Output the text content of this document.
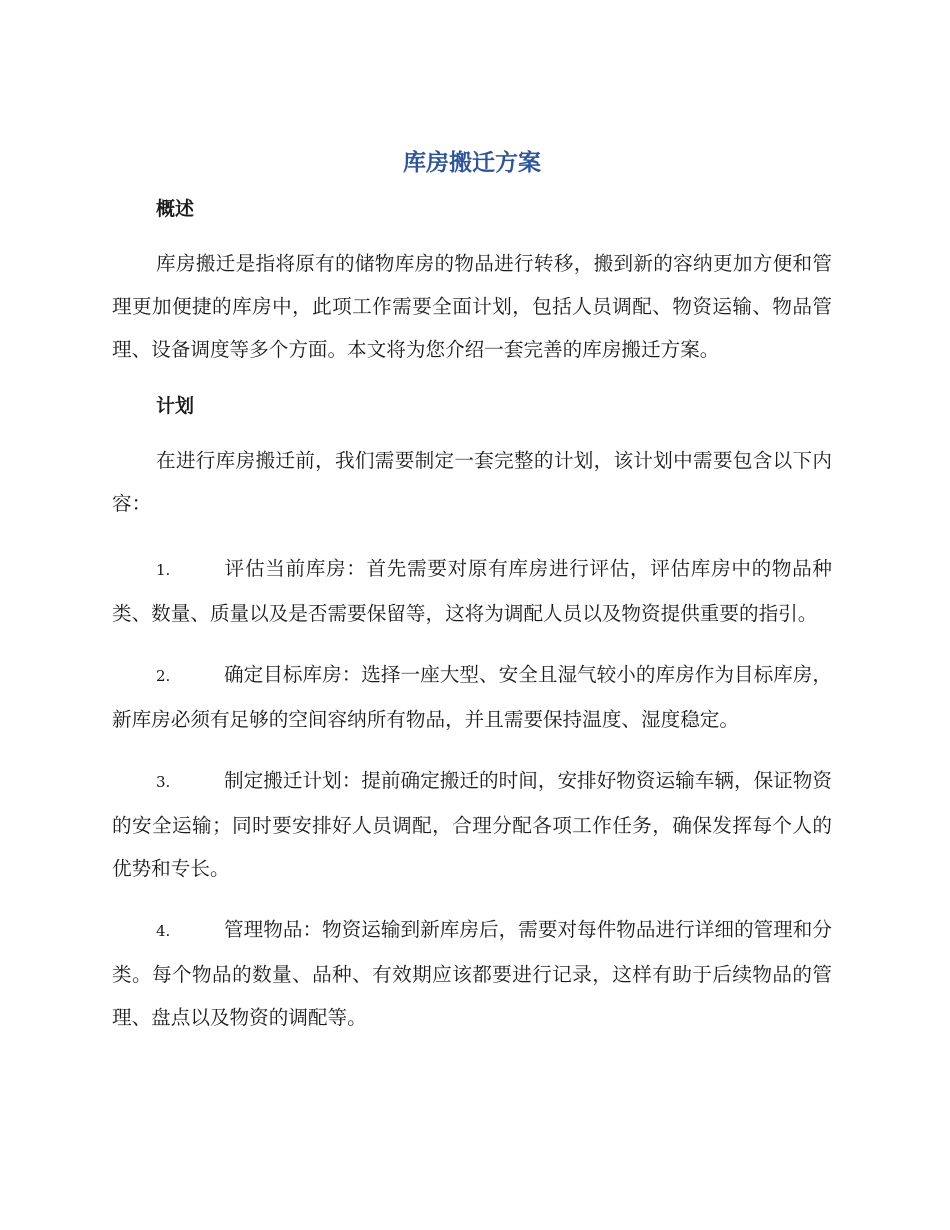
库房搬迁方案
概述

库房搬迁是指将原有的储物库房的物品进行转移，搬到新的容纳更加方便和管理更加便捷的库房中，此项工作需要全面计划，包括人员调配、物资运输、物品管理、设备调度等多个方面。本文将为您介绍一套完善的库房搬迁方案。

计划

在进行库房搬迁前，我们需要制定一套完整的计划，该计划中需要包含以下内容：

1.	评估当前库房：首先需要对原有库房进行评估，评估库房中的物品种类、数量、质量以及是否需要保留等，这将为调配人员以及物资提供重要的指引。

2.	确定目标库房：选择一座大型、安全且湿气较小的库房作为目标库房，新库房必须有足够的空间容纳所有物品，并且需要保持温度、湿度稳定。

3.	制定搬迁计划：提前确定搬迁的时间，安排好物资运输车辆，保证物资的安全运输；同时要安排好人员调配，合理分配各项工作任务，确保发挥每个人的优势和专长。

4.	管理物品：物资运输到新库房后，需要对每件物品进行详细的管理和分类。每个物品的数量、品种、有效期应该都要进行记录，这样有助于后续物品的管理、盘点以及物资的调配等。
